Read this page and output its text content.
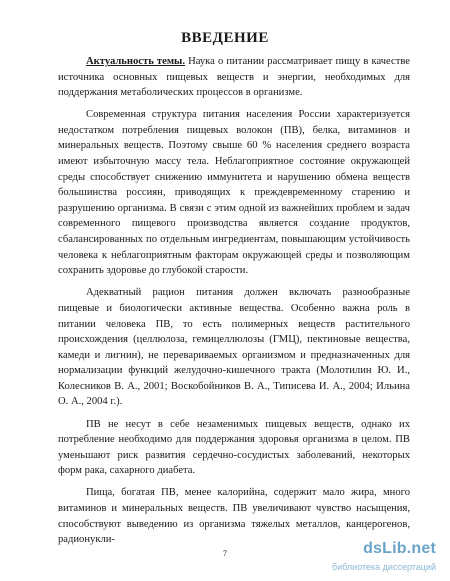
ВВЕДЕНИЕ

Актуальность темы. Наука о питании рассматривает пищу в качестве источника основных пищевых веществ и энергии, необходимых для поддержания метаболических процессов в организме.

Современная структура питания населения России характеризуется недостатком потребления пищевых волокон (ПВ), белка, витаминов и минеральных веществ. Поэтому свыше 60 % населения среднего возраста имеют избыточную массу тела. Неблагоприятное состояние окружающей среды способствует снижению иммунитета и нарушению обмена веществ большинства россиян, приводящих к преждевременному старению и разрушению организма. В связи с этим одной из важнейших проблем и задач современного пищевого производства является создание продуктов, сбалансированных по отдельным ингредиентам, повышающим устойчивость человека к неблагоприятным факторам окружающей среды и позволяющим сохранить здоровье до глубокой старости.

Адекватный рацион питания должен включать разнообразные пищевые и биологически активные вещества. Особенно важна роль в питании человека ПВ, то есть полимерных веществ растительного происхождения (целлюлоза, гемицеллюлозы (ГМЦ), пектиновые вещества, камеди и лигнин), не перевариваемых организмом и предназначенных для нормализации функций желудочно-кишечного тракта (Молотилин Ю. И., Колесников В. А., 2001; Воскобойников В. А., Типисева И. А., 2004; Ильина О. А., 2004 г.).

ПВ не несут в себе незаменимых пищевых веществ, однако их потребление необходимо для поддержания здоровья организма в целом. ПВ уменьшают риск развития сердечно-сосудистых заболеваний, некоторых форм рака, сахарного диабета.

Пища, богатая ПВ, менее калорийна, содержит мало жира, много витаминов и минеральных веществ. ПВ увеличивают чувство насыщения, способствуют выведению из организма тяжелых металлов, канцерогенов, радионукли-

7	dsLib.net
библиотека диссертаций
